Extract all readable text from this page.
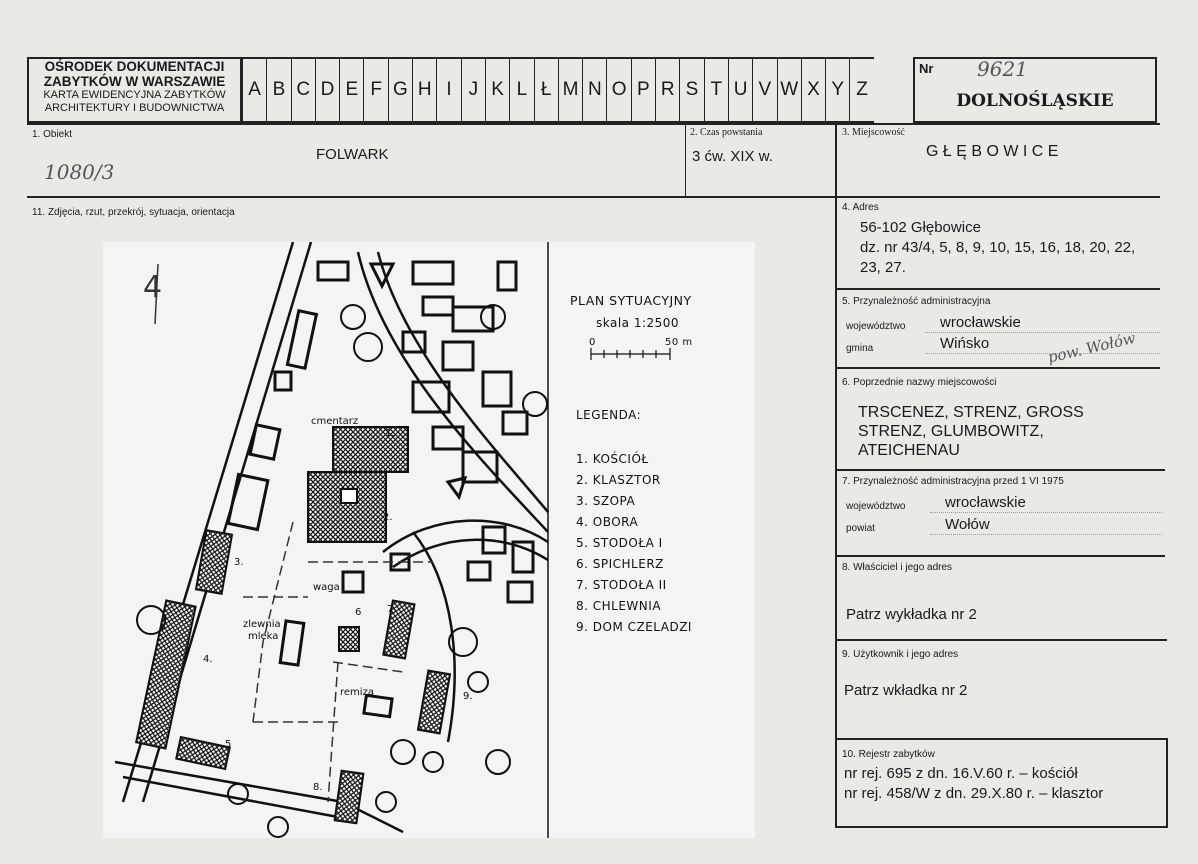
OŚRODEK DOKUMENTACJI
ZABYTKÓW W WARSZAWIE
KARTA EWIDENCYJNA ZABYTKÓW
ARCHITEKTURY I BUDOWNICTWA
A B C D E F G H I J K L Ł M N O P R S T U V W X Y Z
Nr 9621
DOLNOŚLĄSKIE
1. Obiekt
FOLWARK
1080/3
2. Czas powstania
3 ćw. XIX w.
3. Miejscowość
G Ł Ę B O W I C E
11. Zdjęcia, rzut, przekrój, sytuacja, orientacja	4. Adres
56-102 Głębowice
dz. nr 43/4, 5, 8, 9, 10, 15, 16, 18, 20, 22,
23, 27.
5. Przynależność administracyjna
województwo wrocławskie
gmina	Wińsko	pow. Wołów
6. Poprzednie nazwy miejscowości
TRSCENEZ, STRENZ, GROSS
STRENZ, GLUMBOWITZ,
ATEICHENAU
7. Przynależność administracyjna przed 1 VI 1975
województwo	wrocławskie
powiat	Wołów
8. Właściciel i jego adres
Patrz wykładka nr 2
9. Użytkownik i jego adres
Patrz wkładka nr 2
10. Rejestr zabytków
nr rej. 695 z dn. 16.V.60 r. – kościół
nr rej. 458/W z dn. 29.X.80 r. – klasztor
4
cmentarz
waga
zlewnia
mleka
remiza
1.
2.
3.
4.
5
6	7.
8.
9.
PLAN SYTUACYJNY
skala 1:2500
0	50 m
LEGENDA:
1. KOŚCIÓŁ
2. KLASZTOR
3. SZOPA
4. OBORA
5. STODOŁA I
6. SPICHLERZ
7. STODOŁA II
8. CHLEWNIA
9. DOM CZELADZI
